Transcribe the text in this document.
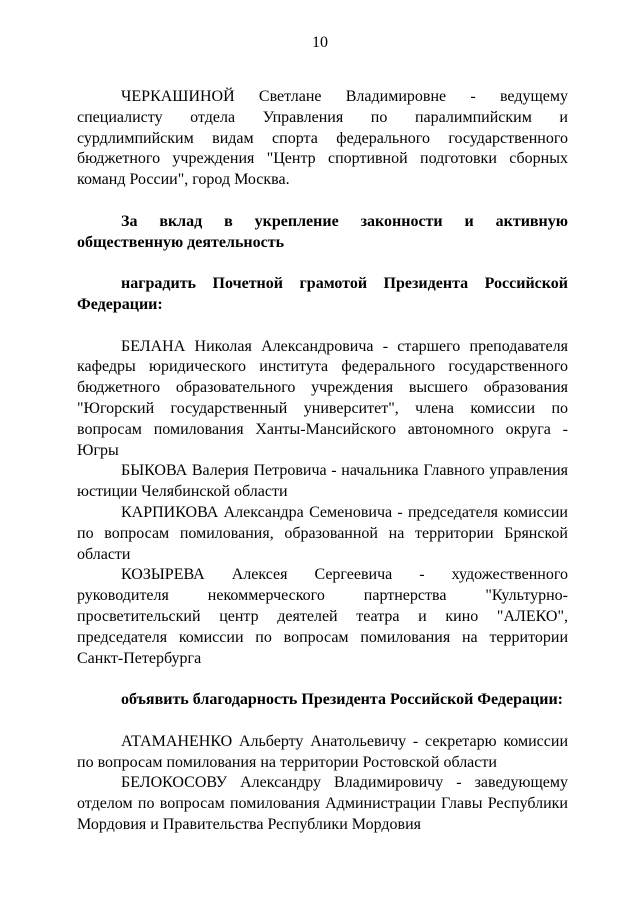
10

ЧЕРКАШИНОЙ Светлане Владимировне - ведущему специалисту отдела Управления по паралимпийским и сурдлимпийским видам спорта федерального государственного бюджетного учреждения "Центр спортивной подготовки сборных команд России", город Москва.

За вклад в укрепление законности и активную общественную деятельность

наградить Почетной грамотой Президента Российской Федерации:

БЕЛАНА Николая Александровича - старшего преподавателя кафедры юридического института федерального государственного бюджетного образовательного учреждения высшего образования "Югорский государственный университет", члена комиссии по вопросам помилования Ханты-Мансийского автономного округа - Югры

БЫКОВА Валерия Петровича - начальника Главного управления юстиции Челябинской области

КАРПИКОВА Александра Семеновича - председателя комиссии по вопросам помилования, образованной на территории Брянской области

КОЗЫРЕВА Алексея Сергеевича - художественного руководителя некоммерческого партнерства "Культурно-просветительский центр деятелей театра и кино "АЛЕКО", председателя комиссии по вопросам помилования на территории Санкт-Петербурга

объявить благодарность Президента Российской Федерации:

АТАМАНЕНКО Альберту Анатольевичу - секретарю комиссии по вопросам помилования на территории Ростовской области

БЕЛОКОСОВУ Александру Владимировичу - заведующему отделом по вопросам помилования Администрации Главы Республики Мордовия и Правительства Республики Мордовия
